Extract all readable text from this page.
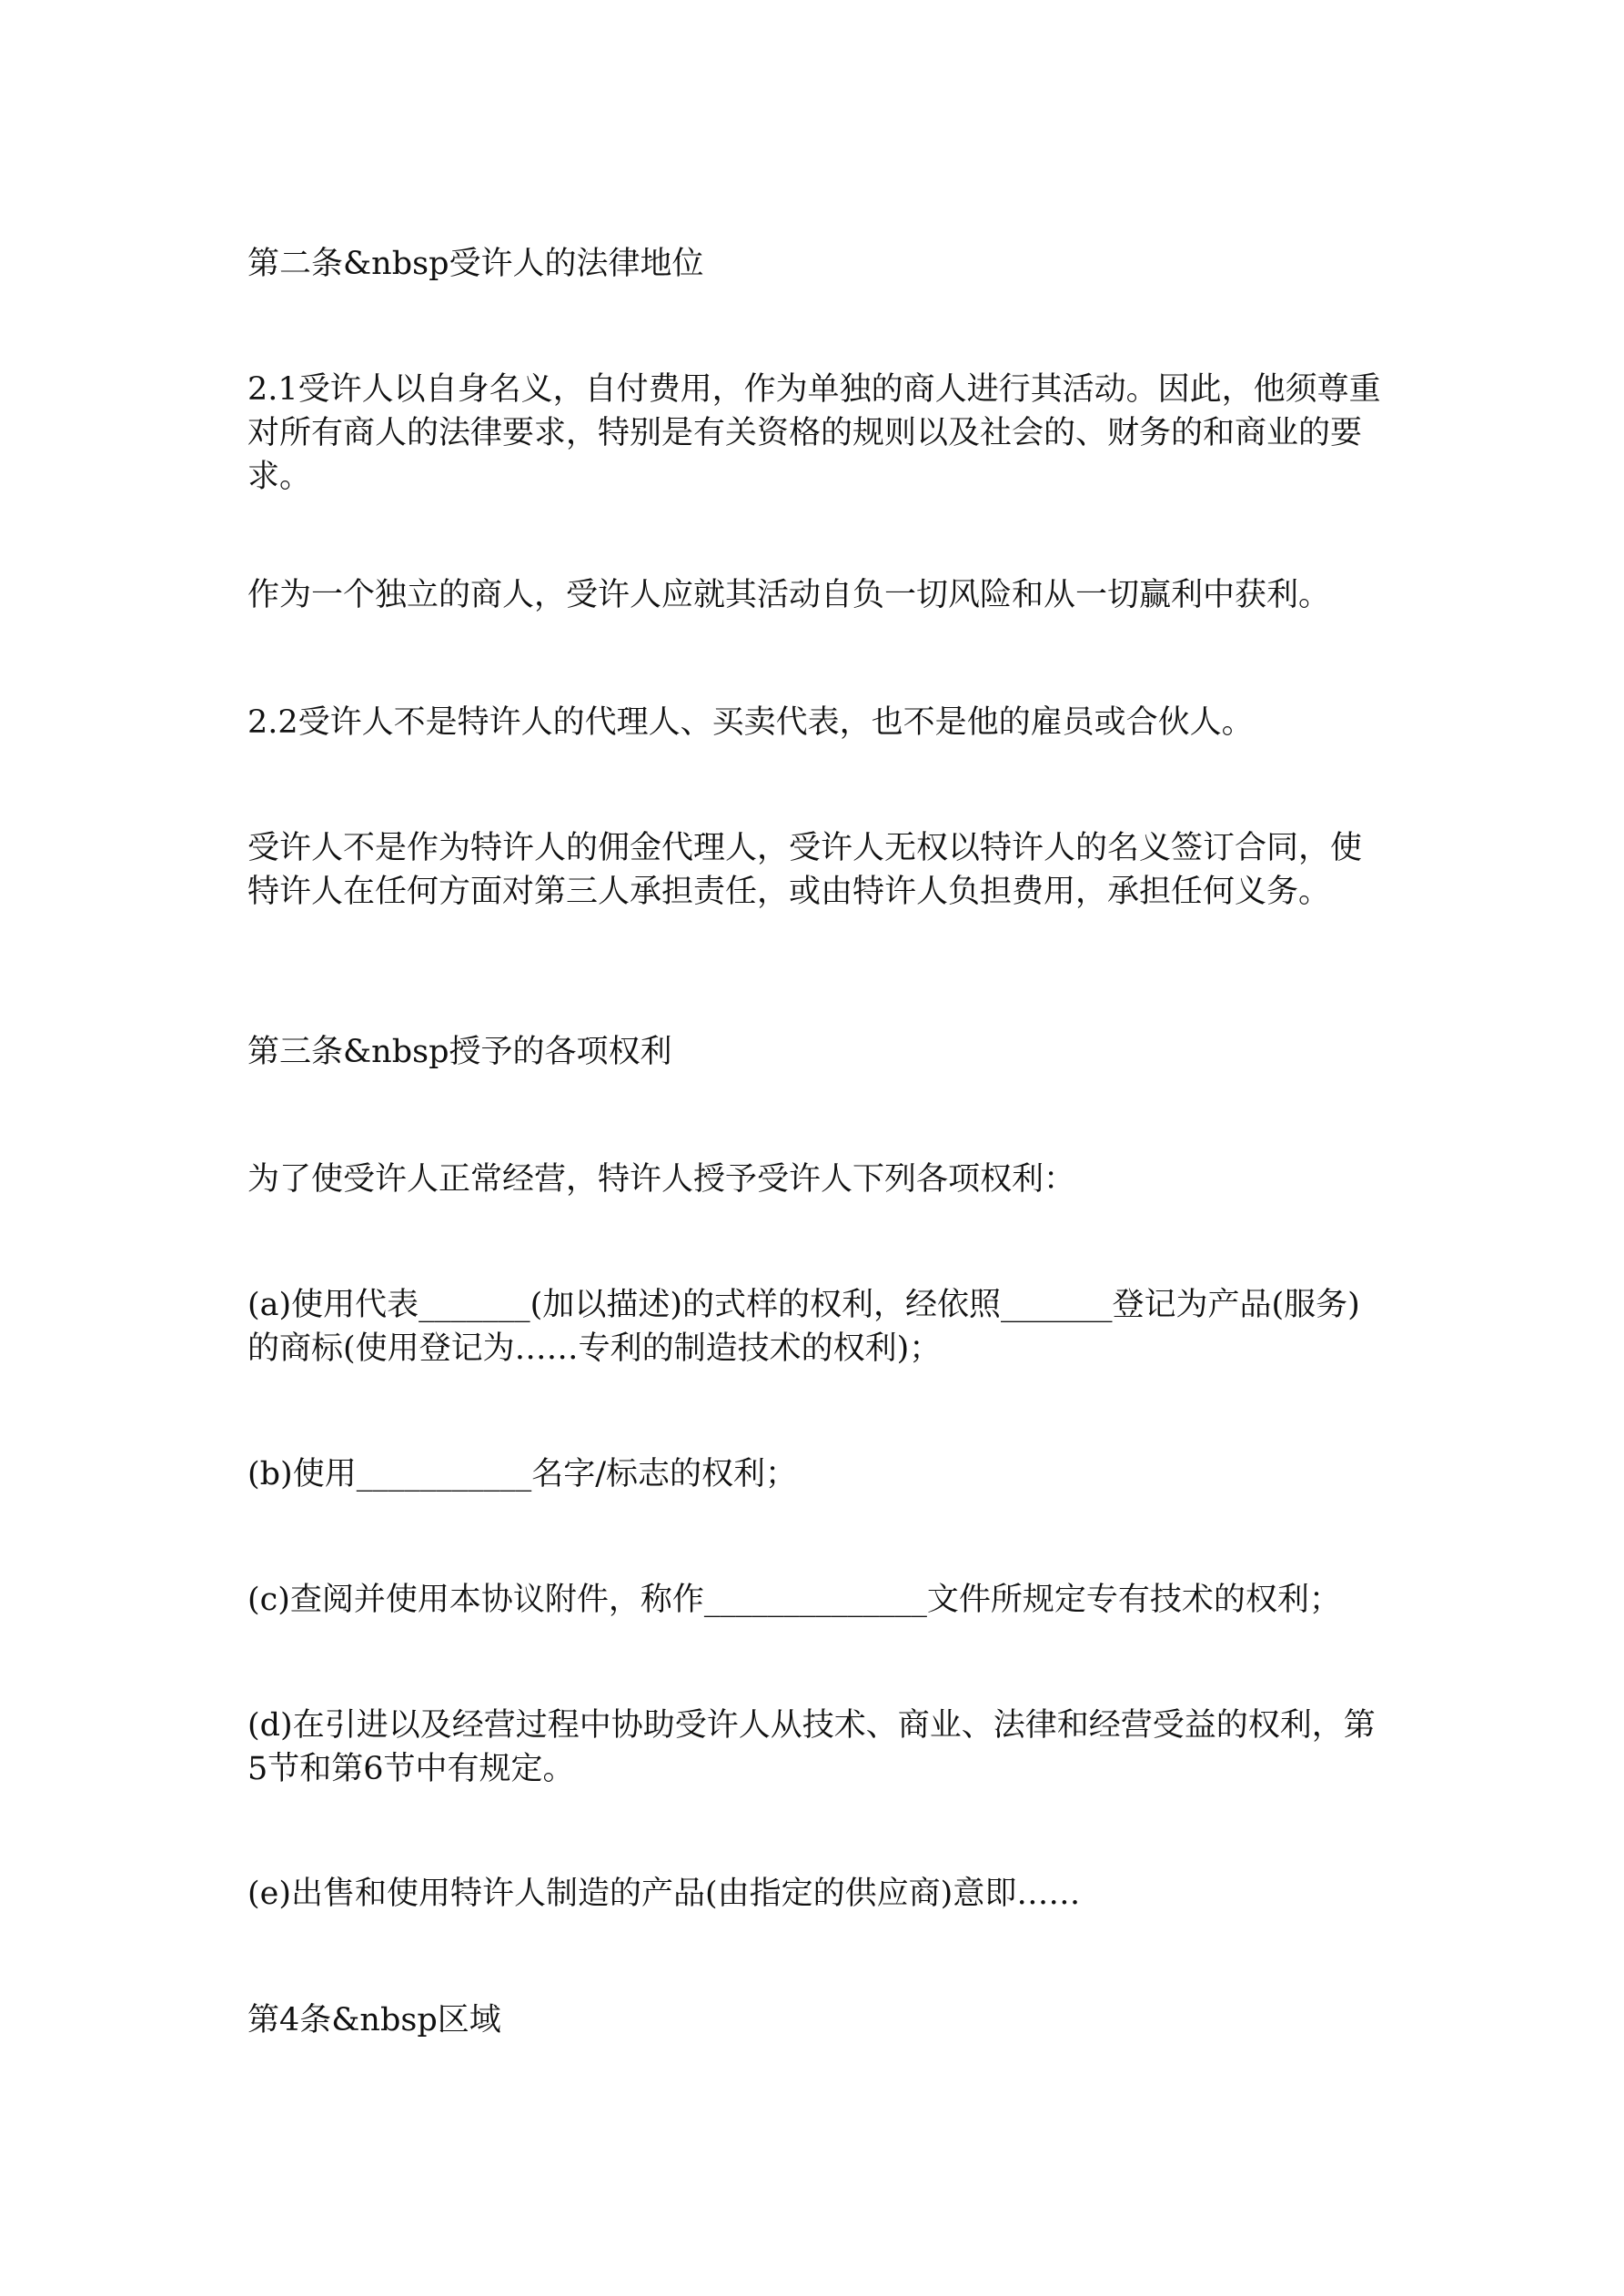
第二条&nbsp受许人的法律地位

2.1受许人以自身名义，自付费用，作为单独的商人进行其活动。因此，他须尊重对所有商人的法律要求，特别是有关资格的规则以及社会的、财务的和商业的要求。

作为一个独立的商人，受许人应就其活动自负一切风险和从一切赢利中获利。

2.2受许人不是特许人的代理人、买卖代表，也不是他的雇员或合伙人。

受许人不是作为特许人的佣金代理人，受许人无权以特许人的名义签订合同，使特许人在任何方面对第三人承担责任，或由特许人负担费用，承担任何义务。

第三条&nbsp授予的各项权利

为了使受许人正常经营，特许人授予受许人下列各项权利：

(a)使用代表_______(加以描述)的式样的权利，经依照_______登记为产品(服务)的商标(使用登记为……专利的制造技术的权利)；

(b)使用___________名字/标志的权利；

(c)查阅并使用本协议附件，称作______________文件所规定专有技术的权利；

(d)在引进以及经营过程中协助受许人从技术、商业、法律和经营受益的权利，第5节和第6节中有规定。

(e)出售和使用特许人制造的产品(由指定的供应商)意即……

第4条&nbsp区域
